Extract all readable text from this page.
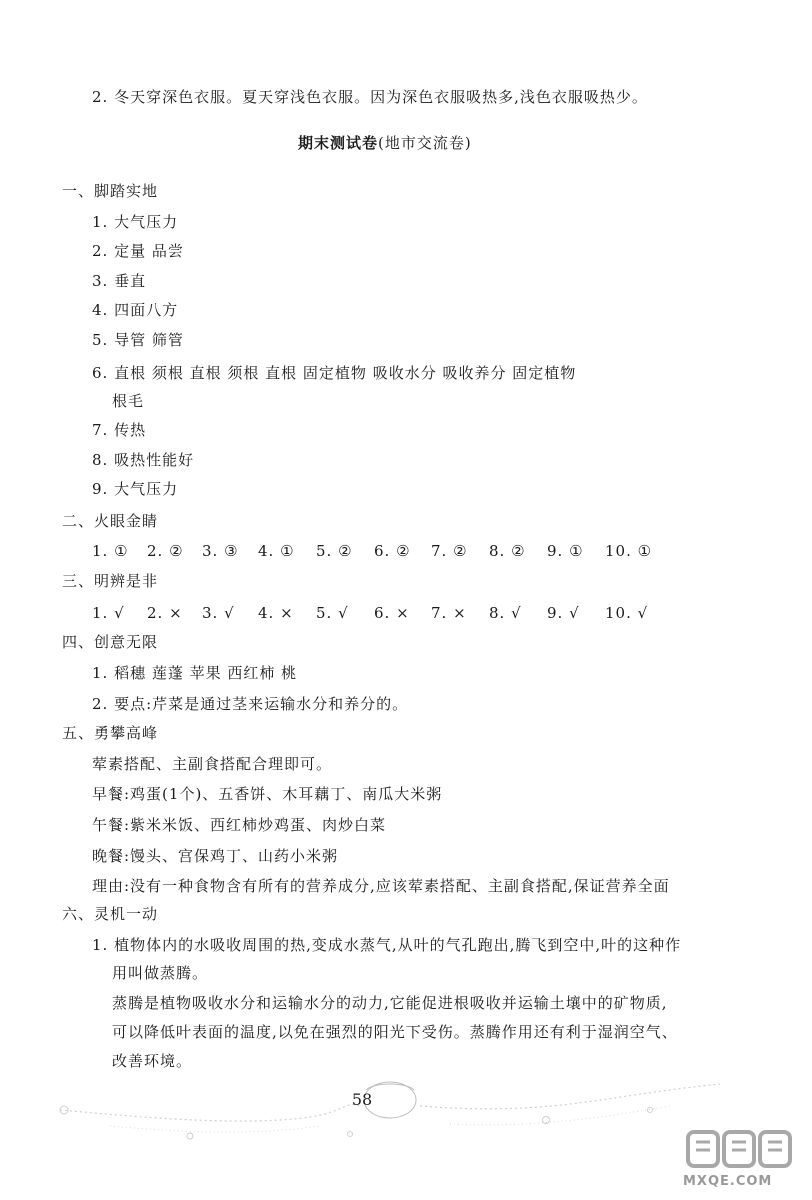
2. 冬天穿深色衣服。夏天穿浅色衣服。因为深色衣服吸热多,浅色衣服吸热少。
期末测试卷(地市交流卷)
一、脚踏实地
1. 大气压力
2. 定量 品尝
3. 垂直
4. 四面八方
5. 导管 筛管
6. 直根 须根 直根 须根 直根 固定植物 吸收水分 吸收养分 固定植物
根毛
7. 传热
8. 吸热性能好
9. 大气压力
二、火眼金睛
1. ① 2. ② 3. ③ 4. ① 5. ② 6. ② 7. ② 8. ② 9. ① 10. ①
三、明辨是非
1. √ 2. × 3. √ 4. × 5. √ 6. × 7. × 8. √ 9. √ 10. √
四、创意无限
1. 稻穗 莲蓬 苹果 西红柿 桃
2. 要点:芹菜是通过茎来运输水分和养分的。
五、勇攀高峰
荤素搭配、主副食搭配合理即可。
早餐:鸡蛋(1个)、五香饼、木耳藕丁、南瓜大米粥
午餐:紫米米饭、西红柿炒鸡蛋、肉炒白菜
晚餐:馒头、宫保鸡丁、山药小米粥
理由:没有一种食物含有所有的营养成分,应该荤素搭配、主副食搭配,保证营养全面
六、灵机一动
1. 植物体内的水吸收周围的热,变成水蒸气,从叶的气孔跑出,腾飞到空中,叶的这种作
用叫做蒸腾。
蒸腾是植物吸收水分和运输水分的动力,它能促进根吸收并运输土壤中的矿物质,
可以降低叶表面的温度,以免在强烈的阳光下受伤。蒸腾作用还有利于湿润空气、
改善环境。
58
MXQE.COM
